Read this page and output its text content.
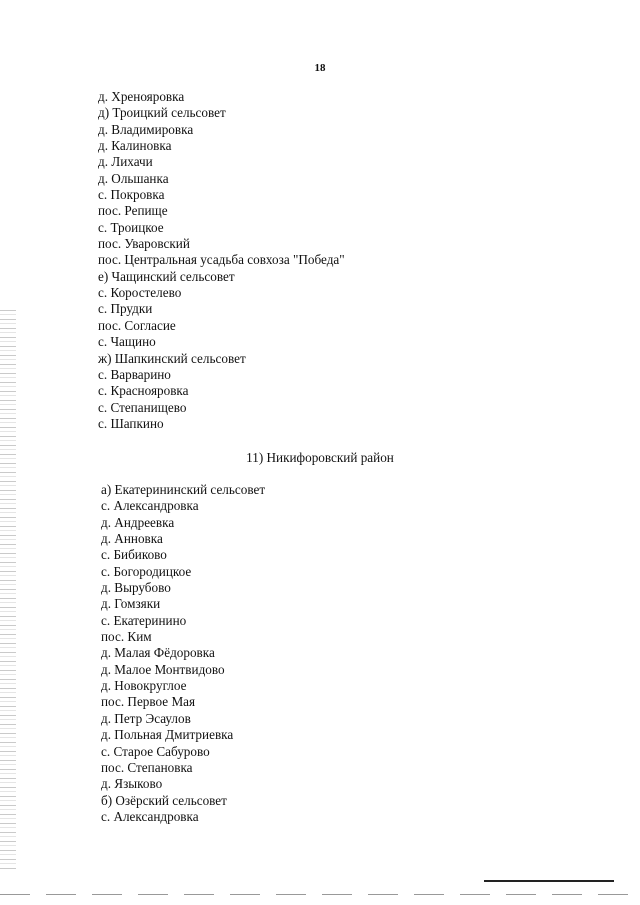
18
д. Хренояровка
д) Троицкий сельсовет
д. Владимировка
д. Калиновка
д. Лихачи
д. Ольшанка
с. Покровка
пос. Репище
с. Троицкое
пос. Уваровский
пос. Центральная усадьба совхоза "Победа"
е) Чащинский сельсовет
с. Коростелево
с. Прудки
пос. Согласие
с. Чащино
ж) Шапкинский сельсовет
с. Варварино
с. Краснояровка
с. Степанищево
с. Шапкино
11) Никифоровский район
а) Екатерининский сельсовет
с. Александровка
д. Андреевка
д. Анновка
с. Бибиково
с. Богородицкое
д. Вырубово
д. Гомзяки
с. Екатеринино
пос. Ким
д. Малая Фёдоровка
д. Малое Монтвидово
д. Новокруглое
пос. Первое Мая
д. Петр Эсаулов
д. Польная Дмитриевка
с. Старое Сабурово
пос. Степановка
д. Языково
б) Озёрский сельсовет
с. Александровка
